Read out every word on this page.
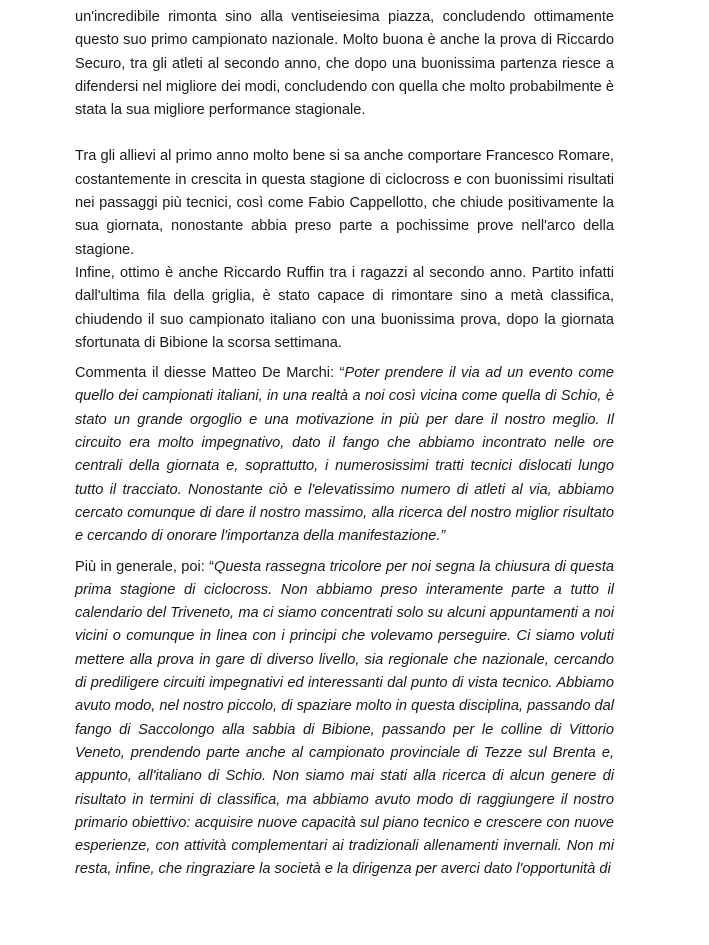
un'incredibile rimonta sino alla ventiseiesima piazza, concludendo ottimamente questo suo primo campionato nazionale. Molto buona è anche la prova di Riccardo Securo, tra gli atleti al secondo anno, che dopo una buonissima partenza riesce a difendersi nel migliore dei modi, concludendo con quella che molto probabilmente è stata la sua migliore performance stagionale.

Tra gli allievi al primo anno molto bene si sa anche comportare Francesco Romare, costantemente in crescita in questa stagione di ciclocross e con buonissimi risultati nei passaggi più tecnici, così come Fabio Cappellotto, che chiude positivamente la sua giornata, nonostante abbia preso parte a pochissime prove nell'arco della stagione.

Infine, ottimo è anche Riccardo Ruffin tra i ragazzi al secondo anno. Partito infatti dall'ultima fila della griglia, è stato capace di rimontare sino a metà classifica, chiudendo il suo campionato italiano con una buonissima prova, dopo la giornata sfortunata di Bibione la scorsa settimana.

Commenta il diesse Matteo De Marchi: “Poter prendere il via ad un evento come quello dei campionati italiani, in una realtà a noi così vicina come quella di Schio, è stato un grande orgoglio e una motivazione in più per dare il nostro meglio. Il circuito era molto impegnativo, dato il fango che abbiamo incontrato nelle ore centrali della giornata e, soprattutto, i numerosissimi tratti tecnici dislocati lungo tutto il tracciato. Nonostante ciò e l'elevatissimo numero di atleti al via, abbiamo cercato comunque di dare il nostro massimo, alla ricerca del nostro miglior risultato e cercando di onorare l'importanza della manifestazione.”

Più in generale, poi: “Questa rassegna tricolore per noi segna la chiusura di questa prima stagione di ciclocross. Non abbiamo preso interamente parte a tutto il calendario del Triveneto, ma ci siamo concentrati solo su alcuni appuntamenti a noi vicini o comunque in linea con i principi che volevamo perseguire. Ci siamo voluti mettere alla prova in gare di diverso livello, sia regionale che nazionale, cercando di prediligere circuiti impegnativi ed interessanti dal punto di vista tecnico. Abbiamo avuto modo, nel nostro piccolo, di spaziare molto in questa disciplina, passando dal fango di Saccolongo alla sabbia di Bibione, passando per le colline di Vittorio Veneto, prendendo parte anche al campionato provinciale di Tezze sul Brenta e, appunto, all'italiano di Schio. Non siamo mai stati alla ricerca di alcun genere di risultato in termini di classifica, ma abbiamo avuto modo di raggiungere il nostro primario obiettivo: acquisire nuove capacità sul piano tecnico e crescere con nuove esperienze, con attività complementari ai tradizionali allenamenti invernali. Non mi resta, infine, che ringraziare la società e la dirigenza per averci dato l'opportunità di
